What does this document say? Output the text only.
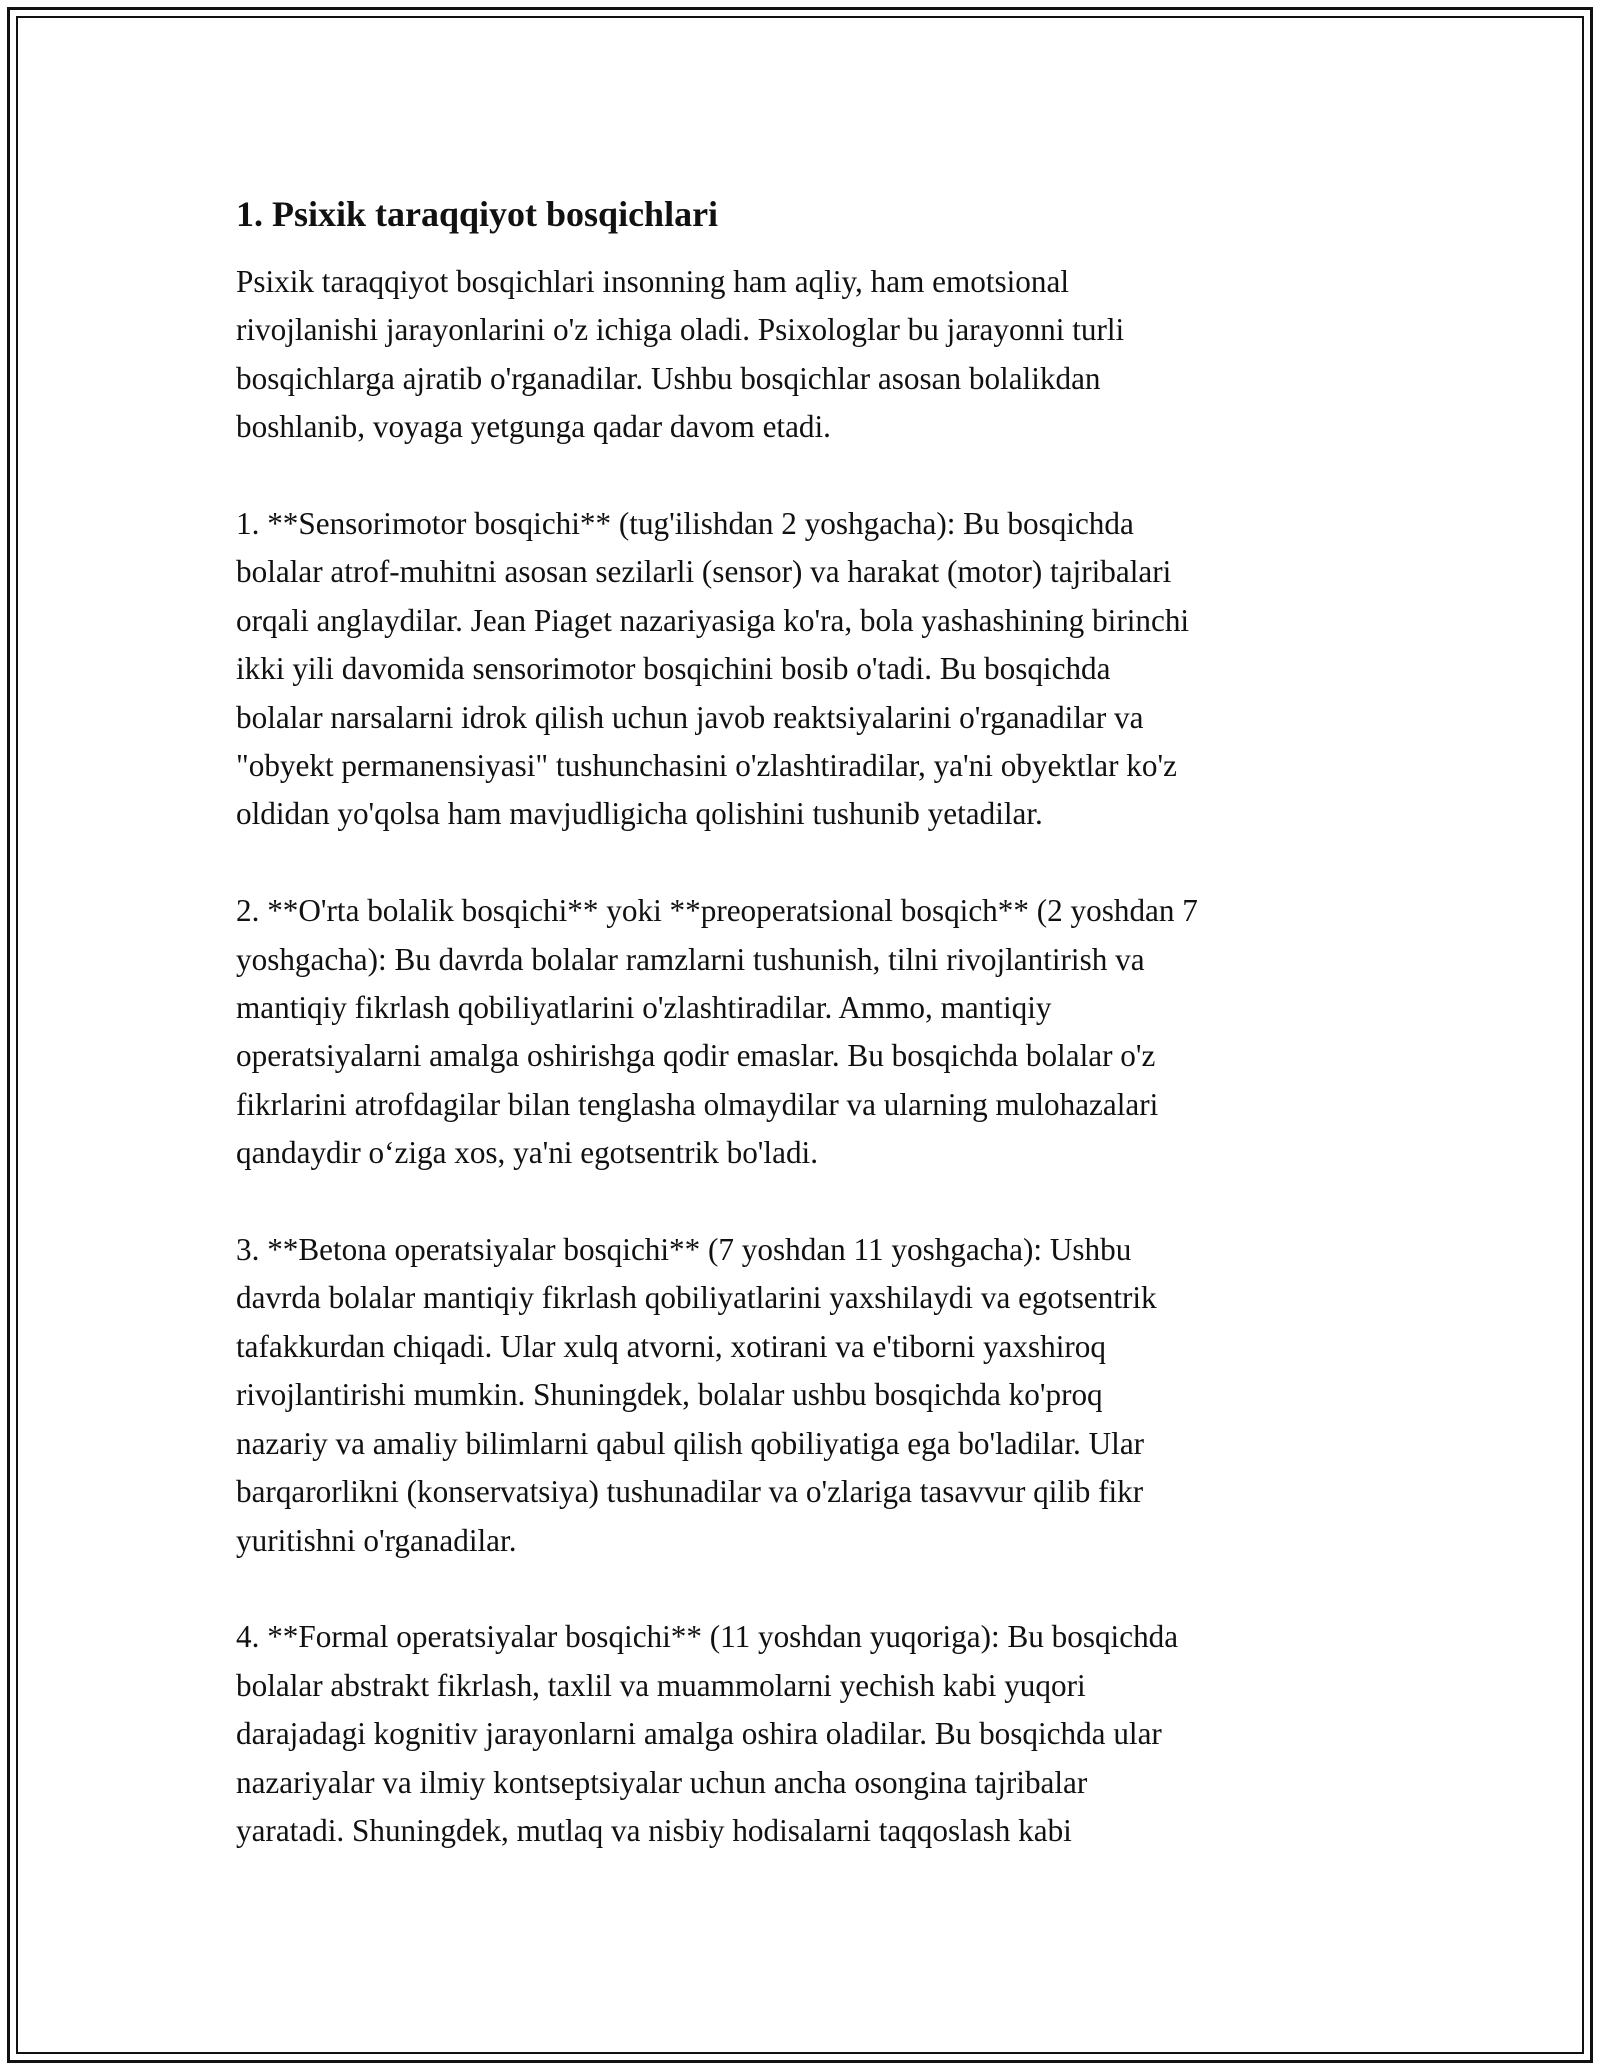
1. Psixik taraqqiyot bosqichlari

Psixik taraqqiyot bosqichlari insonning ham aqliy, ham emotsional
rivojlanishi jarayonlarini o'z ichiga oladi. Psixologlar bu jarayonni turli
bosqichlarga ajratib o'rganadilar. Ushbu bosqichlar asosan bolalikdan
boshlanib, voyaga yetgunga qadar davom etadi.

1. **Sensorimotor bosqichi** (tug'ilishdan 2 yoshgacha): Bu bosqichda
bolalar atrof-muhitni asosan sezilarli (sensor) va harakat (motor) tajribalari
orqali anglaydilar. Jean Piaget nazariyasiga ko'ra, bola yashashining birinchi
ikki yili davomida sensorimotor bosqichini bosib o'tadi. Bu bosqichda
bolalar narsalarni idrok qilish uchun javob reaktsiyalarini o'rganadilar va
"obyekt permanensiyasi" tushunchasini o'zlashtiradilar, ya'ni obyektlar ko'z
oldidan yo'qolsa ham mavjudligicha qolishini tushunib yetadilar.

2. **O'rta bolalik bosqichi** yoki **preoperatsional bosqich** (2 yoshdan 7
yoshgacha): Bu davrda bolalar ramzlarni tushunish, tilni rivojlantirish va
mantiqiy fikrlash qobiliyatlarini o'zlashtiradilar. Ammo, mantiqiy
operatsiyalarni amalga oshirishga qodir emaslar. Bu bosqichda bolalar o'z
fikrlarini atrofdagilar bilan tenglasha olmaydilar va ularning mulohazalari
qandaydir o‘ziga xos, ya'ni egotsentrik bo'ladi.

3. **Betona operatsiyalar bosqichi** (7 yoshdan 11 yoshgacha): Ushbu
davrda bolalar mantiqiy fikrlash qobiliyatlarini yaxshilaydi va egotsentrik
tafakkurdan chiqadi. Ular xulq atvorni, xotirani va e'tiborni yaxshiroq
rivojlantirishi mumkin. Shuningdek, bolalar ushbu bosqichda ko'proq
nazariy va amaliy bilimlarni qabul qilish qobiliyatiga ega bo'ladilar. Ular
barqarorlikni (konservatsiya) tushunadilar va o'zlariga tasavvur qilib fikr
yuritishni o'rganadilar.

4. **Formal operatsiyalar bosqichi** (11 yoshdan yuqoriga): Bu bosqichda
bolalar abstrakt fikrlash, taxlil va muammolarni yechish kabi yuqori
darajadagi kognitiv jarayonlarni amalga oshira oladilar. Bu bosqichda ular
nazariyalar va ilmiy kontseptsiyalar uchun ancha osongina tajribalar
yaratadi. Shuningdek, mutlaq va nisbiy hodisalarni taqqoslash kabi
